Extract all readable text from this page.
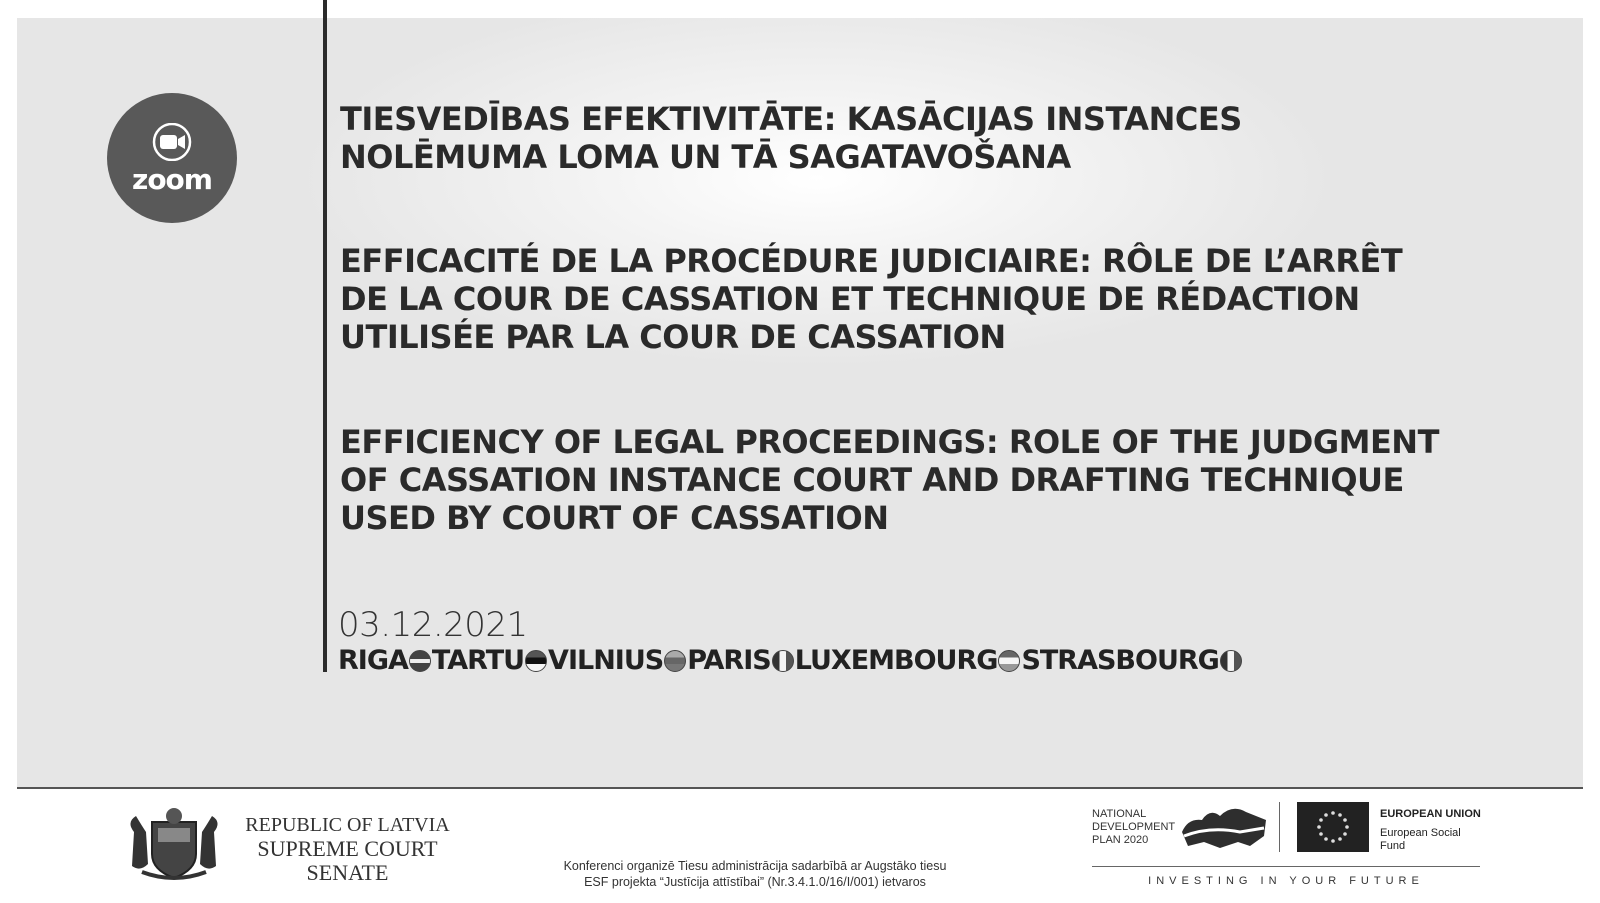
zoom
TIESVEDĪBAS EFEKTIVITĀTE: KASĀCIJAS INSTANCES
NOLĒMUMA LOMA UN TĀ SAGATAVOŠANA
EFFICACITÉ DE LA PROCÉDURE JUDICIAIRE: RÔLE DE L’ARRÊT
DE LA COUR DE CASSATION ET TECHNIQUE DE RÉDACTION
UTILISÉE PAR LA COUR DE CASSATION
EFFICIENCY OF LEGAL PROCEEDINGS: ROLE OF THE JUDGMENT
OF CASSATION INSTANCE COURT AND DRAFTING TECHNIQUE
USED BY COURT OF CASSATION
03.12.2021
RIGA TARTU VILNIUS PARIS LUXEMBOURG STRASBOURG
REPUBLIC OF LATVIA
SUPREME COURT
SENATE	Konferenci organizē Tiesu administrācija sadarbībā ar Augstāko tiesu
ESF projekta “Justīcija attīstībai” (Nr.3.4.1.0/16/I/001) ietvaros
NATIONAL
DEVELOPMENT
PLAN 2020
EUROPEAN UNION
European Social
Fund
INVESTING IN YOUR FUTURE
